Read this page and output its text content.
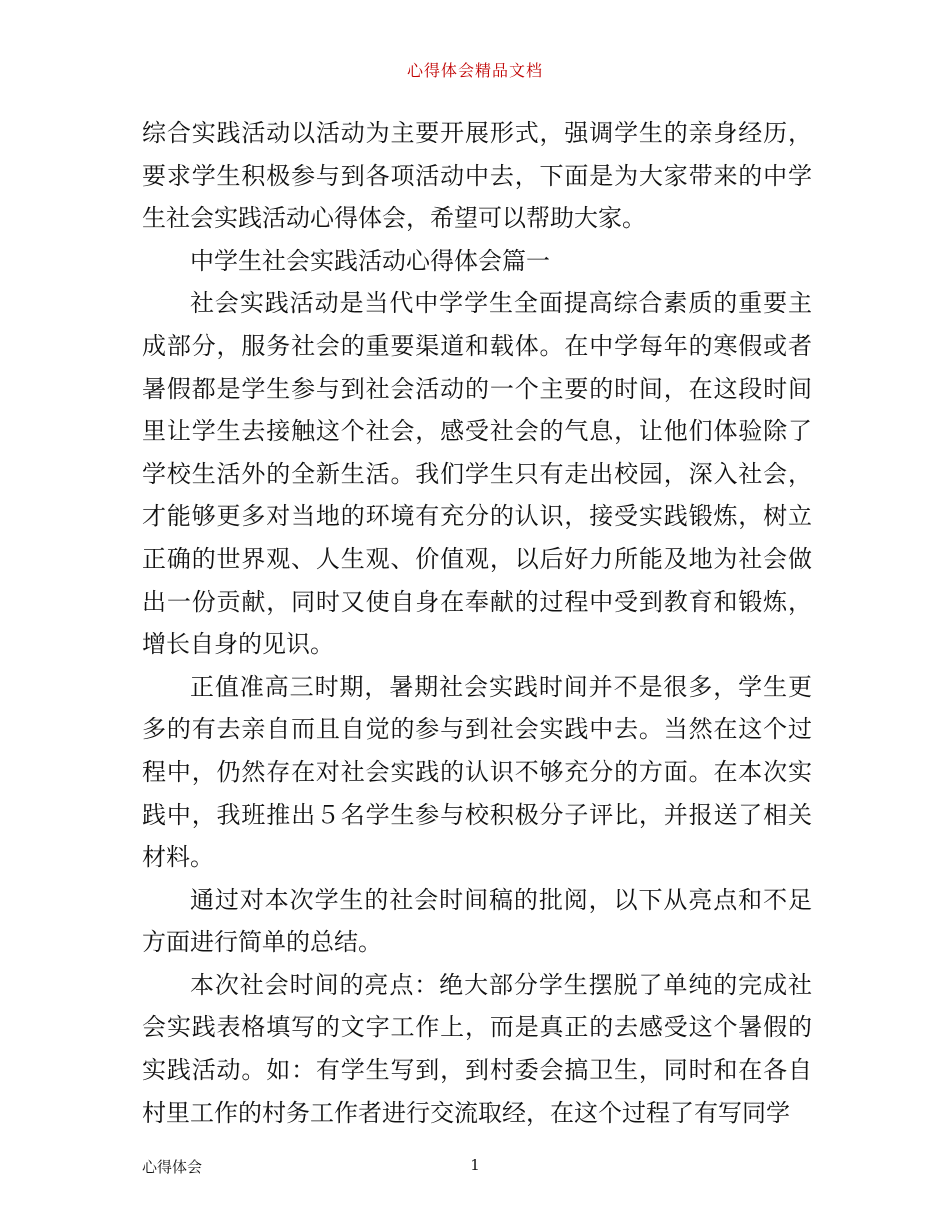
心得体会精品文档

综合实践活动以活动为主要开展形式，强调学生的亲身经历，要求学生积极参与到各项活动中去，下面是为大家带来的中学生社会实践活动心得体会，希望可以帮助大家。

中学生社会实践活动心得体会篇一

社会实践活动是当代中学学生全面提高综合素质的重要主成部分，服务社会的重要渠道和载体。在中学每年的寒假或者暑假都是学生参与到社会活动的一个主要的时间，在这段时间里让学生去接触这个社会，感受社会的气息，让他们体验除了学校生活外的全新生活。我们学生只有走出校园，深入社会，才能够更多对当地的环境有充分的认识，接受实践锻炼，树立正确的世界观、人生观、价值观，以后好力所能及地为社会做出一份贡献，同时又使自身在奉献的过程中受到教育和锻炼，增长自身的见识。

正值准高三时期，暑期社会实践时间并不是很多，学生更多的有去亲自而且自觉的参与到社会实践中去。当然在这个过程中，仍然存在对社会实践的认识不够充分的方面。在本次实践中，我班推出５名学生参与校积极分子评比，并报送了相关材料。

通过对本次学生的社会时间稿的批阅，以下从亮点和不足方面进行简单的总结。

本次社会时间的亮点：绝大部分学生摆脱了单纯的完成社会实践表格填写的文字工作上，而是真正的去感受这个暑假的实践活动。如：有学生写到，到村委会搞卫生，同时和在各自村里工作的村务工作者进行交流取经，在这个过程了有写同学

心得体会	1
